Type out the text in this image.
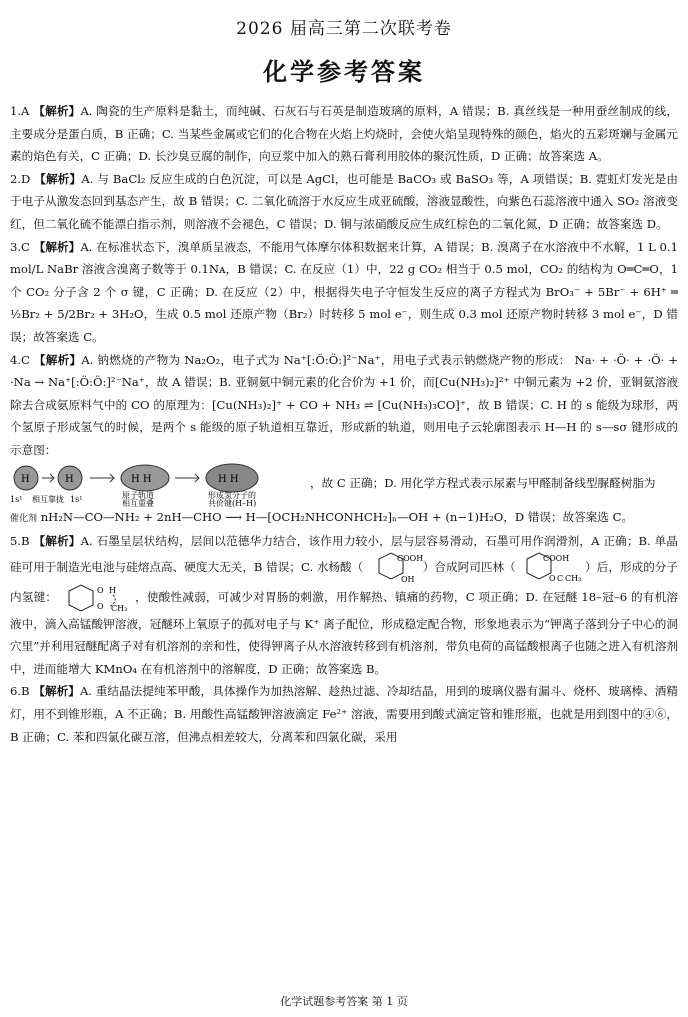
2026 届高三第二次联考卷
化学参考答案

1.A 【解析】A. 陶瓷的生产原料是黏土，而纯碱、石灰石与石英是制造玻璃的原料，A 错误；B. 真丝线是一种用蚕丝制成的线，主要成分是蛋白质，B 正确；C. 当某些金属或它们的化合物在火焰上灼烧时，会使火焰呈现特殊的颜色，焰火的五彩斑斓与金属元素的焰色有关，C 正确；D. 长沙臭豆腐的制作，向豆浆中加入的熟石膏利用胶体的聚沉性质，D 正确；故答案选 A。

2.D 【解析】A. 与 BaCl₂ 反应生成的白色沉淀，可以是 AgCl，也可能是 BaCO₃ 或 BaSO₃ 等，A 项错误；B. 霓虹灯发光是由于电子从激发态回到基态产生，故 B 错误；C. 二氧化硫溶于水反应生成亚硫酸，溶液显酸性，向紫色石蕊溶液中通入 SO₂ 溶液变红，但二氧化硫不能漂白指示剂，则溶液不会褪色，C 错误；D. 铜与浓硝酸反应生成红棕色的二氧化氮，D 正确；故答案选 D。

3.C 【解析】A. 在标准状态下，溴单质呈液态，不能用气体摩尔体积数据来计算，A 错误；B. 溴离子在水溶液中不水解，1 L 0.1 mol/L NaBr 溶液含溴离子数等于 0.1Nᴀ，B 错误；C. 在反应（1）中，22 g CO₂ 相当于 0.5 mol，CO₂ 的结构为 O═C═O，1 个 CO₂ 分子含 2 个 σ 键，C 正确；D. 在反应（2）中，根据得失电子守恒发生反应的离子方程式为 BrO₃⁻ + 5Br⁻ + 6H⁺ ═ ½Br₂ + 5/2Br₂ + 3H₂O，生成 0.5 mol 还原产物（Br₂）时转移 5 mol e⁻，则生成 0.3 mol 还原产物时转移 3 mol e⁻，D 错误；故答案选 C。

4.C 【解析】A. 钠燃烧的产物为 Na₂O₂，电子式为 Na⁺[:Ö:Ö:]²⁻Na⁺，用电子式表示钠燃烧产物的形成： Na· + ·Ö· + ·Ö· + ·Na → Na⁺[:Ö:Ö:]²⁻Na⁺，故 A 错误；B. 亚铜氨中铜元素的化合价为 +1 价，而[Cu(NH₃)₂]²⁺ 中铜元素为 +2 价，亚铜氨溶液除去合成氨原料气中的 CO 的原理为：[Cu(NH₃)₂]⁺ + CO + NH₃ ⇌ [Cu(NH₃)₃CO]⁺，故 B 错误；C. H 的 s 能级为球形，两个氢原子形成氢气的时候，是两个 s 能级的原子轨道相互靠近，形成新的轨道，则用电子云轮廓图表示 H—H 的 s—sσ 键形成的示意图：
H	H	H H	H H
1s¹ 相互靠拢 1s¹	原子轨道
相互重叠
形成氢分子的
共价键(H–H)
，故 C 正确；D. 用化学方程式表示尿素与甲醛制备线型脲醛树脂为
催化剂 nH₂N—CO—NH₂ + 2nH—CHO ⟶ H—[OCH₂NHCONHCH₂]ₙ—OH + (n−1)H₂O，D 错误；故答案选 C。
5.B 【解析】A. 石墨呈层状结构，层间以范德华力结合，该作用力较小，层与层容易滑动，石墨可用作润滑剂，A 正确；B. 单晶硅可用于制造光电池与硅熔点高、硬度大无关，B 错误；C. 水杨酸（
COOH
OH
）合成阿司匹林（
COOH
O C CH₃
）后，形成的分子内氢键：	O
O
H
CH₃
，使酸性减弱，可减少对胃肠的刺激，用作解热、镇痛的药物，C 项正确；D. 在冠醚 18–冠–6 的有机溶液中，滴入高锰酸钾溶液，冠醚环上氧原子的孤对电子与 K⁺ 离子配位，形成稳定配合物，形象地表示为“钾离子落到分子中心的洞穴里”并利用冠醚配离子对有机溶剂的亲和性，使得钾离子从水溶液转移到有机溶剂，带负电荷的高锰酸根离子也随之进入有机溶剂中，进而能增大 KMnO₄ 在有机溶剂中的溶解度，D 正确；故答案选 B。

6.B 【解析】A. 重结晶法提纯苯甲酸，具体操作为加热溶解、趁热过滤、冷却结晶，用到的玻璃仪器有漏斗、烧杯、玻璃棒、酒精灯，用不到锥形瓶，A 不正确；B. 用酸性高锰酸钾溶液滴定 Fe²⁺ 溶液，需要用到酸式滴定管和锥形瓶，也就是用到图中的④⑥，B 正确；C. 苯和四氯化碳互溶，但沸点相差较大，分离苯和四氯化碳，采用

化学试题参考答案 第 1 页
